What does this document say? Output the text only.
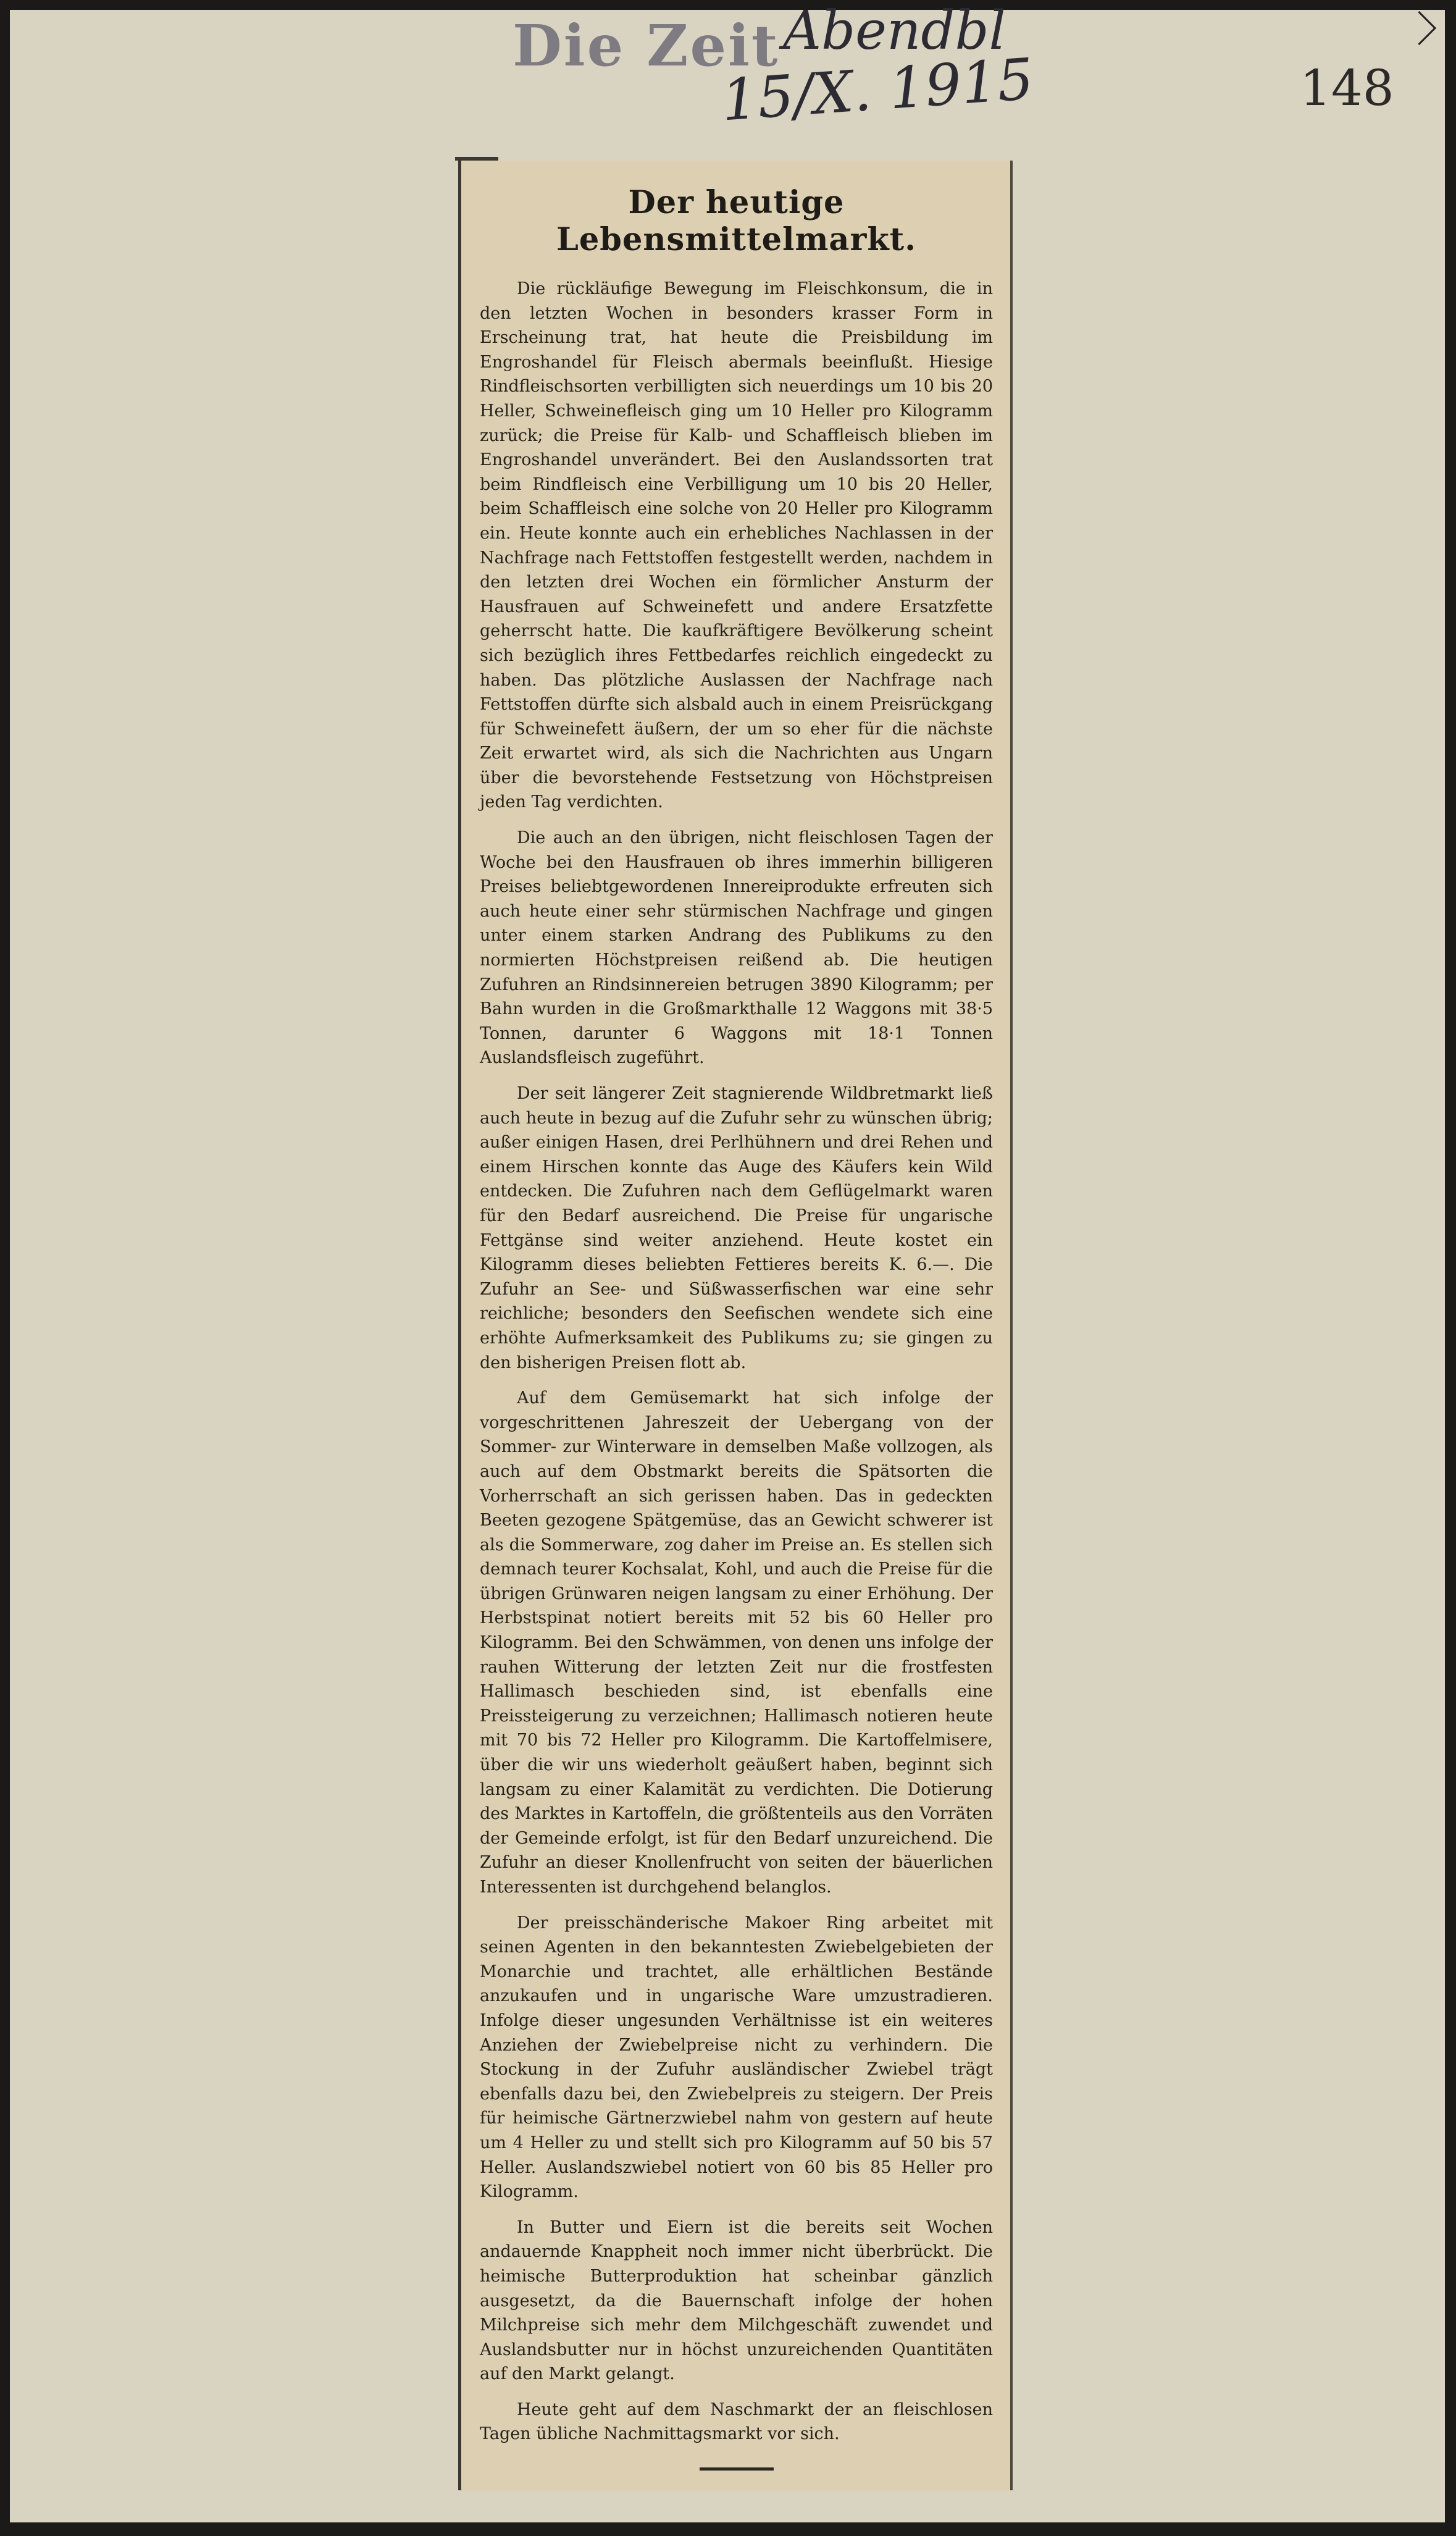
Die Zeit Abendbl
15/X. 1915	148
Der heutige Lebensmittelmarkt.

Die rückläufige Bewegung im Fleischkonsum, die in den letzten Wochen in besonders krasser Form in Erscheinung trat, hat heute die Preisbildung im Engroshandel für Fleisch abermals beeinflußt. Hiesige Rindfleischsorten verbilligten sich neuerdings um 10 bis 20 Heller, Schweinefleisch ging um 10 Heller pro Kilogramm zurück; die Preise für Kalb- und Schaffleisch blieben im Engroshandel unverändert. Bei den Auslandssorten trat beim Rindfleisch eine Verbilligung um 10 bis 20 Heller, beim Schaffleisch eine solche von 20 Heller pro Kilogramm ein. Heute konnte auch ein erhebliches Nachlassen in der Nachfrage nach Fettstoffen festgestellt werden, nachdem in den letzten drei Wochen ein förmlicher Ansturm der Hausfrauen auf Schweinefett und andere Ersatzfette geherrscht hatte. Die kaufkräftigere Bevölkerung scheint sich bezüglich ihres Fettbedarfes reichlich eingedeckt zu haben. Das plötzliche Auslassen der Nachfrage nach Fettstoffen dürfte sich alsbald auch in einem Preisrückgang für Schweinefett äußern, der um so eher für die nächste Zeit erwartet wird, als sich die Nachrichten aus Ungarn über die bevorstehende Festsetzung von Höchstpreisen jeden Tag verdichten.

Die auch an den übrigen, nicht fleischlosen Tagen der Woche bei den Hausfrauen ob ihres immerhin billigeren Preises beliebtgewordenen Innereiprodukte erfreuten sich auch heute einer sehr stürmischen Nachfrage und gingen unter einem starken Andrang des Publikums zu den normierten Höchstpreisen reißend ab. Die heutigen Zufuhren an Rindsinnereien betrugen 3890 Kilogramm; per Bahn wurden in die Großmarkthalle 12 Waggons mit 38·5 Tonnen, darunter 6 Waggons mit 18·1 Tonnen Auslandsfleisch zugeführt.

Der seit längerer Zeit stagnierende Wildbretmarkt ließ auch heute in bezug auf die Zufuhr sehr zu wünschen übrig; außer einigen Hasen, drei Perlhühnern und drei Rehen und einem Hirschen konnte das Auge des Käufers kein Wild entdecken. Die Zufuhren nach dem Geflügelmarkt waren für den Bedarf ausreichend. Die Preise für ungarische Fettgänse sind weiter anziehend. Heute kostet ein Kilogramm dieses beliebten Fettieres bereits K. 6.—. Die Zufuhr an See- und Süßwasserfischen war eine sehr reichliche; besonders den Seefischen wendete sich eine erhöhte Aufmerksamkeit des Publikums zu; sie gingen zu den bisherigen Preisen flott ab.

Auf dem Gemüsemarkt hat sich infolge der vorgeschrittenen Jahreszeit der Uebergang von der Sommer- zur Winterware in demselben Maße vollzogen, als auch auf dem Obstmarkt bereits die Spätsorten die Vorherrschaft an sich gerissen haben. Das in gedeckten Beeten gezogene Spätgemüse, das an Gewicht schwerer ist als die Sommerware, zog daher im Preise an. Es stellen sich demnach teurer Kochsalat, Kohl, und auch die Preise für die übrigen Grünwaren neigen langsam zu einer Erhöhung. Der Herbstspinat notiert bereits mit 52 bis 60 Heller pro Kilogramm. Bei den Schwämmen, von denen uns infolge der rauhen Witterung der letzten Zeit nur die frostfesten Hallimasch beschieden sind, ist ebenfalls eine Preissteigerung zu verzeichnen; Hallimasch notieren heute mit 70 bis 72 Heller pro Kilogramm. Die Kartoffelmisere, über die wir uns wiederholt geäußert haben, beginnt sich langsam zu einer Kalamität zu verdichten. Die Dotierung des Marktes in Kartoffeln, die größtenteils aus den Vorräten der Gemeinde erfolgt, ist für den Bedarf unzureichend. Die Zufuhr an dieser Knollenfrucht von seiten der bäuerlichen Interessenten ist durchgehend belanglos.

Der preisschänderische Makoer Ring arbeitet mit seinen Agenten in den bekanntesten Zwiebelgebieten der Monarchie und trachtet, alle erhältlichen Bestände anzukaufen und in ungarische Ware umzustradieren. Infolge dieser ungesunden Verhältnisse ist ein weiteres Anziehen der Zwiebelpreise nicht zu verhindern. Die Stockung in der Zufuhr ausländischer Zwiebel trägt ebenfalls dazu bei, den Zwiebelpreis zu steigern. Der Preis für heimische Gärtnerzwiebel nahm von gestern auf heute um 4 Heller zu und stellt sich pro Kilogramm auf 50 bis 57 Heller. Auslandszwiebel notiert von 60 bis 85 Heller pro Kilogramm.

In Butter und Eiern ist die bereits seit Wochen andauernde Knappheit noch immer nicht überbrückt. Die heimische Butterproduktion hat scheinbar gänzlich ausgesetzt, da die Bauernschaft infolge der hohen Milchpreise sich mehr dem Milchgeschäft zuwendet und Auslandsbutter nur in höchst unzureichenden Quantitäten auf den Markt gelangt.

Heute geht auf dem Naschmarkt der an fleischlosen Tagen übliche Nachmittagsmarkt vor sich.
